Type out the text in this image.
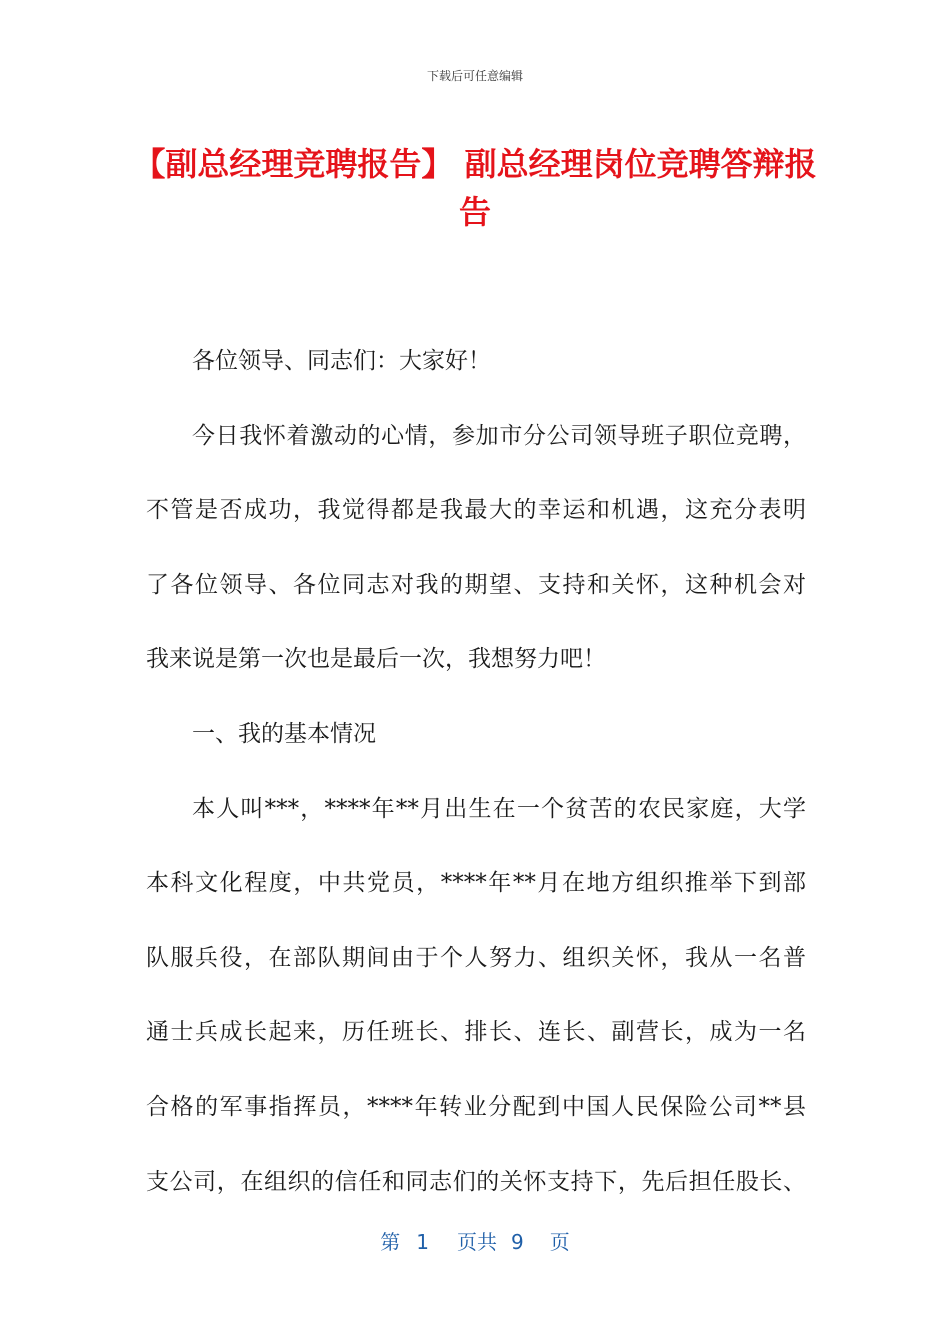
下载后可任意编辑
【副总经理竞聘报告】 副总经理岗位竞聘答辩报告

各位领导、同志们：大家好！

今日我怀着激动的心情，参加市分公司领导班子职位竞聘，

不管是否成功，我觉得都是我最大的幸运和机遇，这充分表明

了各位领导、各位同志对我的期望、支持和关怀，这种机会对

我来说是第一次也是最后一次，我想努力吧！

一、我的基本情况

本人叫***，****年**月出生在一个贫苦的农民家庭，大学

本科文化程度，中共党员，****年**月在地方组织推举下到部

队服兵役，在部队期间由于个人努力、组织关怀，我从一名普

通士兵成长起来，历任班长、排长、连长、副营长，成为一名

合格的军事指挥员，****年转业分配到中国人民保险公司**县

支公司，在组织的信任和同志们的关怀支持下，先后担任股长、

第 1 页共 9 页
